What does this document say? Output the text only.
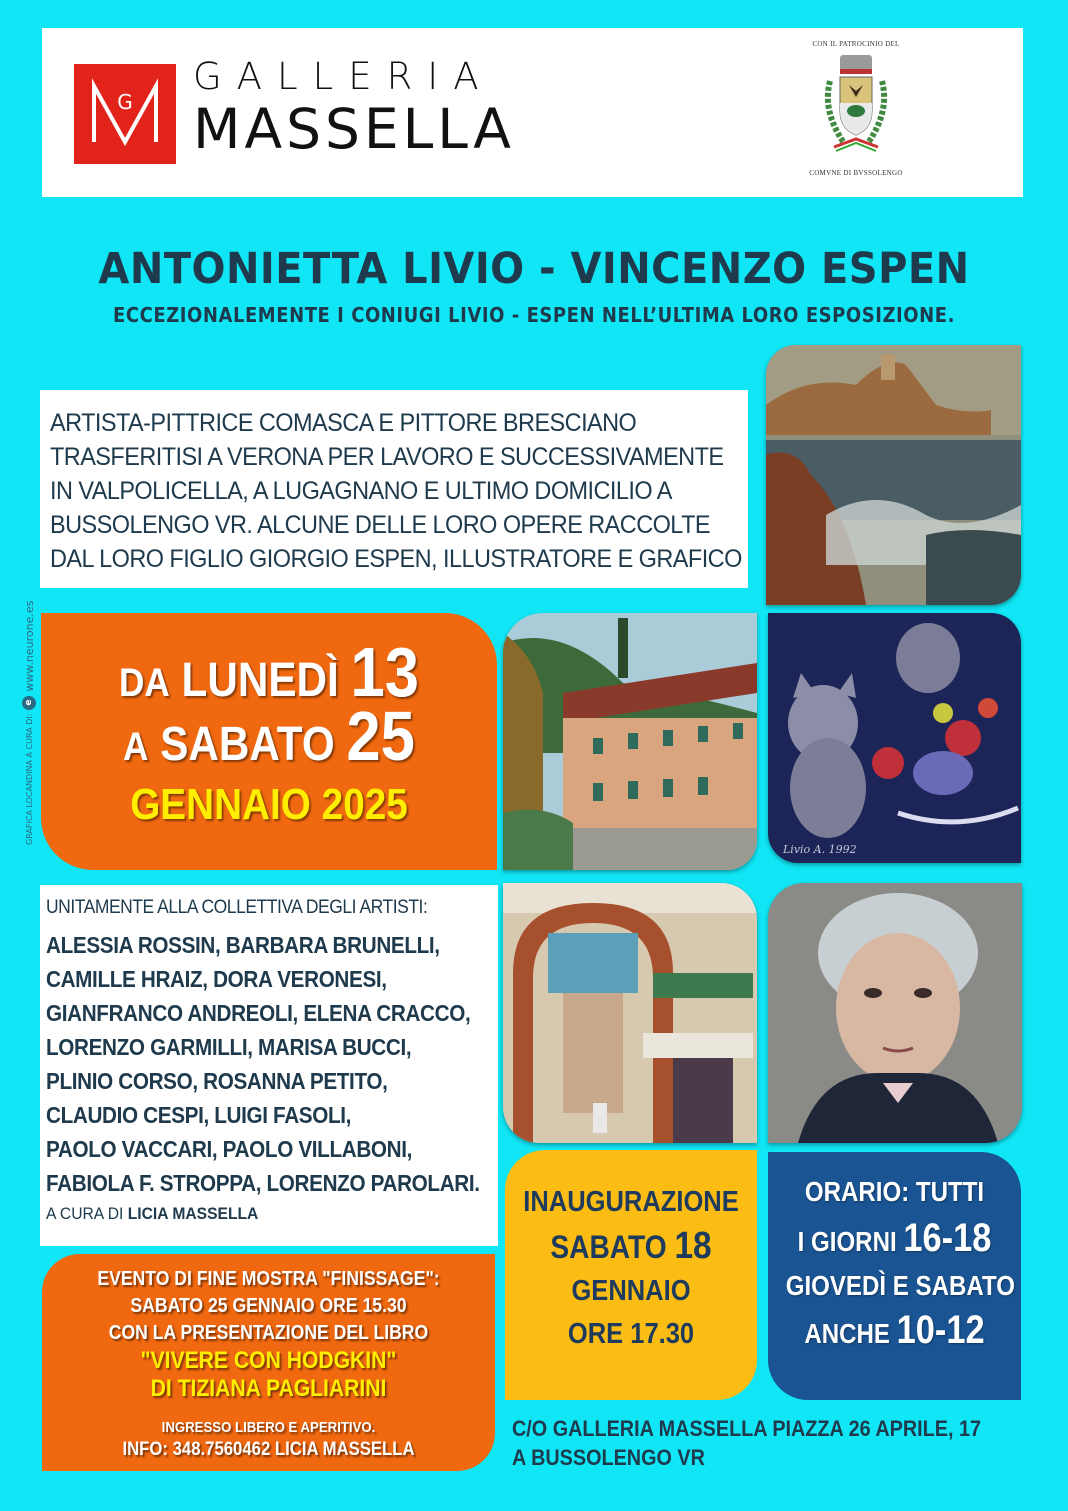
G
GALLERIA
MASSELLA
CON IL PATROCINIO DEL
COMVNE DI BVSSOLENGO
ANTONIETTA LIVIO - VINCENZO ESPEN
ECCEZIONALEMENTE I CONIUGI LIVIO - ESPEN NELL’ULTIMA LORO ESPOSIZIONE.

ARTISTA-PITTRICE COMASCA E PITTORE BRESCIANO

TRASFERITISI A VERONA PER LAVORO E SUCCESSIVAMENTE

IN VALPOLICELLA, A LUGAGNANO E ULTIMO DOMICILIO A

BUSSOLENGO VR. ALCUNE DELLE LORO OPERE RACCOLTE

DAL LORO FIGLIO GIORGIO ESPEN, ILLUSTRATORE E GRAFICO

Livio A. 1992
DA LUNEDÌ 13
A SABATO 25
GENNAIO 2025
GRAFICA LOCANDINA A CURA DI:
e
www.neurone.es
UNITAMENTE ALLA COLLETTIVA DEGLI ARTISTI:
ALESSIA ROSSIN, BARBARA BRUNELLI,
CAMILLE HRAIZ, DORA VERONESI,
GIANFRANCO ANDREOLI, ELENA CRACCO,
LORENZO GARMILLI, MARISA BUCCI,
PLINIO CORSO, ROSANNA PETITO,
CLAUDIO CESPI, LUIGI FASOLI,
PAOLO VACCARI, PAOLO VILLABONI,
FABIOLA F. STROPPA, LORENZO PAROLARI.
A CURA DI LICIA MASSELLA
EVENTO DI FINE MOSTRA "FINISSAGE":
SABATO 25 GENNAIO ORE 15.30
CON LA PRESENTAZIONE DEL LIBRO
"VIVERE CON HODGKIN"
DI TIZIANA PAGLIARINI
INGRESSO LIBERO E APERITIVO.
INFO: 348.7560462 LICIA MASSELLA
INAUGURAZIONE
SABATO 18
GENNAIO
ORE 17.30
ORARIO: TUTTI
I GIORNI 16-18
GIOVEDÌ E SABATO
ANCHE 10-12
C/O GALLERIA MASSELLA PIAZZA 26 APRILE, 17
A BUSSOLENGO VR
